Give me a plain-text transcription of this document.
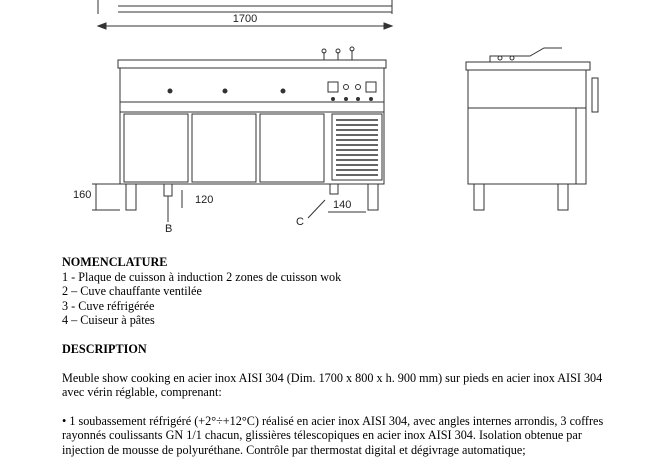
1700
160	120	140
B
C

NOMENCLATURE

1 - Plaque de cuisson à induction 2 zones de cuisson wok

2 – Cuve chauffante ventilée

3 - Cuve réfrigérée

4 – Cuiseur à pâtes

DESCRIPTION

Meuble show cooking en acier inox AISI 304 (Dim. 1700 x 800 x h. 900 mm) sur pieds en acier inox AISI 304 avec vérin réglable, comprenant:

• 1 soubassement réfrigéré (+2°÷+12°C) réalisé en acier inox AISI 304, avec angles internes arrondis, 3 coffres rayonnés coulissants GN 1/1 chacun, glissières télescopiques en acier inox AISI 304. Isolation obtenue par injection de mousse de polyuréthane. Contrôle par thermostat digital et dégivrage automatique;
